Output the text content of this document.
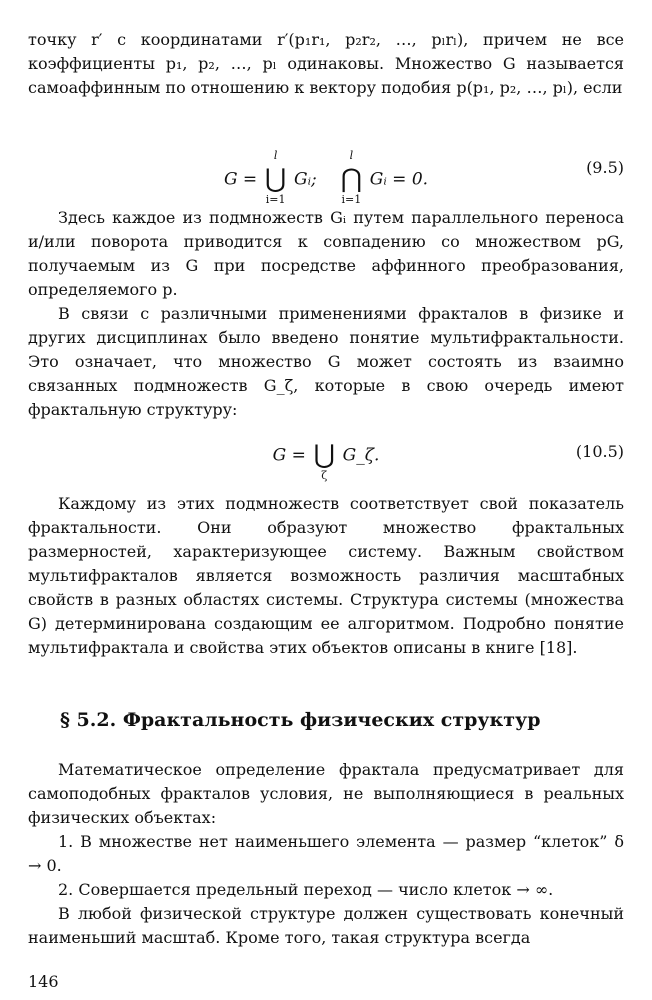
точку r′ с координатами r′(p₁r₁, p₂r₂, …, pₗrₗ), причем не все коэффициенты p₁, p₂, …, pₗ одинаковы. Множество G называется самоаффинным по отношению к вектору подобия p(p₁, p₂, …, pₗ), если

G =
l
⋃
i=1
Gᵢ;
l
⋂
i=1
Gᵢ = 0.
(9.5)

Здесь каждое из подмножеств Gᵢ путем параллельного переноса и/или поворота приводится к совпадению со множеством pG, получаемым из G при посредстве аффинного преобразования, определяемого p.

В связи с различными применениями фракталов в физике и других дисциплинах было введено понятие мультифрактальности. Это означает, что множество G может состоять из взаимно связанных подмножеств G_ζ, которые в свою очередь имеют фрактальную структуру:

G = ⋃
ζ
G_ζ.	(10.5)

Каждому из этих подмножеств соответствует свой показатель фрактальности. Они образуют множество фрактальных размерностей, характеризующее систему. Важным свойством мультифракталов является возможность различия масштабных свойств в разных областях системы. Структура системы (множества G) детерминирована создающим ее алгоритмом. Подробно понятие мультифрактала и свойства этих объектов описаны в книге [18].

§ 5.2. Фрактальность физических структур

Математическое определение фрактала предусматривает для самоподобных фракталов условия, не выполняющиеся в реальных физических объектах:

1. В множестве нет наименьшего элемента — размер “клеток” δ → 0.

2. Совершается предельный переход — число клеток → ∞.

В любой физической структуре должен существовать конечный наименьший масштаб. Кроме того, такая структура всегда

146
